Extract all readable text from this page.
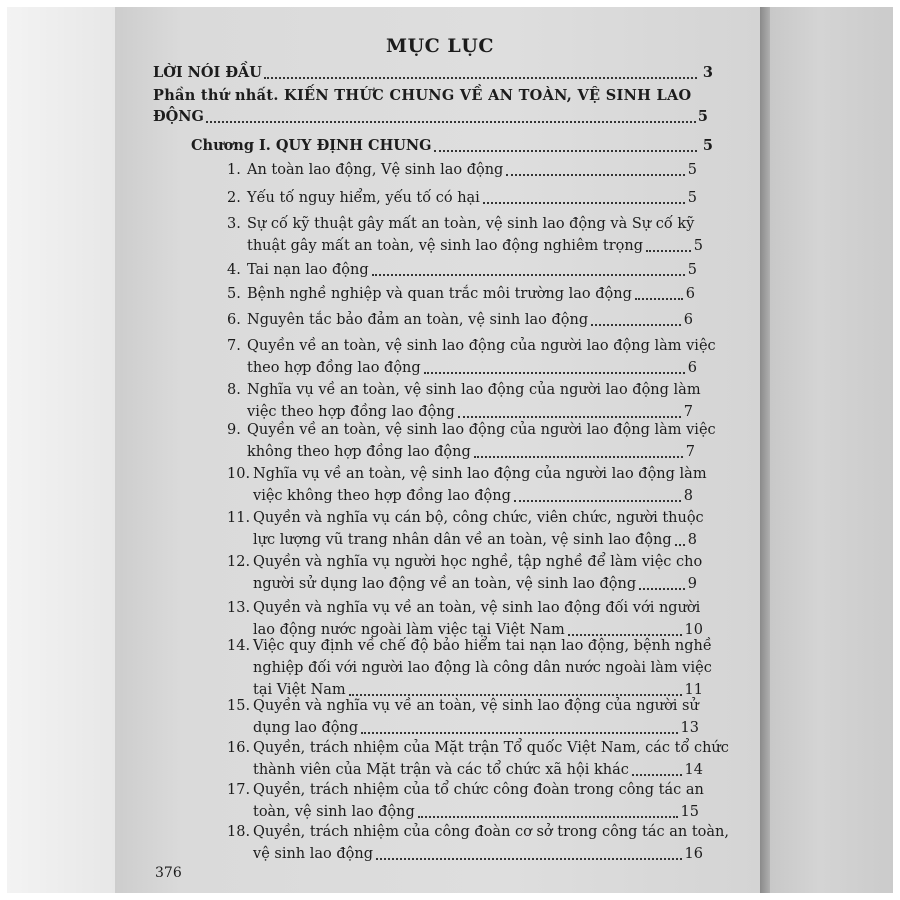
MỤC LỤC
LỜI NÓI ĐẦU	3
Phần thứ nhất. KIẾN THỨC CHUNG VỀ AN TOÀN, VỆ SINH LAO
ĐỘNG	5
Chương I. QUY ĐỊNH CHUNG	5
1. An toàn lao động, Vệ sinh lao động	5
2. Yếu tố nguy hiểm, yếu tố có hại	5
3. Sự cố kỹ thuật gây mất an toàn, vệ sinh lao động và Sự cố kỹ
thuật gây mất an toàn, vệ sinh lao động nghiêm trọng	5
4. Tai nạn lao động	5
5. Bệnh nghề nghiệp và quan trắc môi trường lao động	6
6. Nguyên tắc bảo đảm an toàn, vệ sinh lao động	6
7. Quyền về an toàn, vệ sinh lao động của người lao động làm việc
theo hợp đồng lao động	6
8. Nghĩa vụ về an toàn, vệ sinh lao động của người lao động làm
việc theo hợp đồng lao động	7
9. Quyền về an toàn, vệ sinh lao động của người lao động làm việc
không theo hợp đồng lao động	7
10. Nghĩa vụ về an toàn, vệ sinh lao động của người lao động làm
việc không theo hợp đồng lao động	8
11. Quyền và nghĩa vụ cán bộ, công chức, viên chức, người thuộc
lực lượng vũ trang nhân dân về an toàn, vệ sinh lao động 8
12. Quyền và nghĩa vụ người học nghề, tập nghề để làm việc cho
người sử dụng lao động về an toàn, vệ sinh lao động	9
13. Quyền và nghĩa vụ về an toàn, vệ sinh lao động đối với người
lao động nước ngoài làm việc tại Việt Nam	10
14. Việc quy định về chế độ bảo hiểm tai nạn lao động, bệnh nghề
nghiệp đối với người lao động là công dân nước ngoài làm việc
tại Việt Nam	11
15. Quyền và nghĩa vụ về an toàn, vệ sinh lao động của người sử
dụng lao động	13
16. Quyền, trách nhiệm của Mặt trận Tổ quốc Việt Nam, các tổ chức
thành viên của Mặt trận và các tổ chức xã hội khác	14
17. Quyền, trách nhiệm của tổ chức công đoàn trong công tác an
toàn, vệ sinh lao động	15
18. Quyền, trách nhiệm của công đoàn cơ sở trong công tác an toàn,
vệ sinh lao động	16
376
